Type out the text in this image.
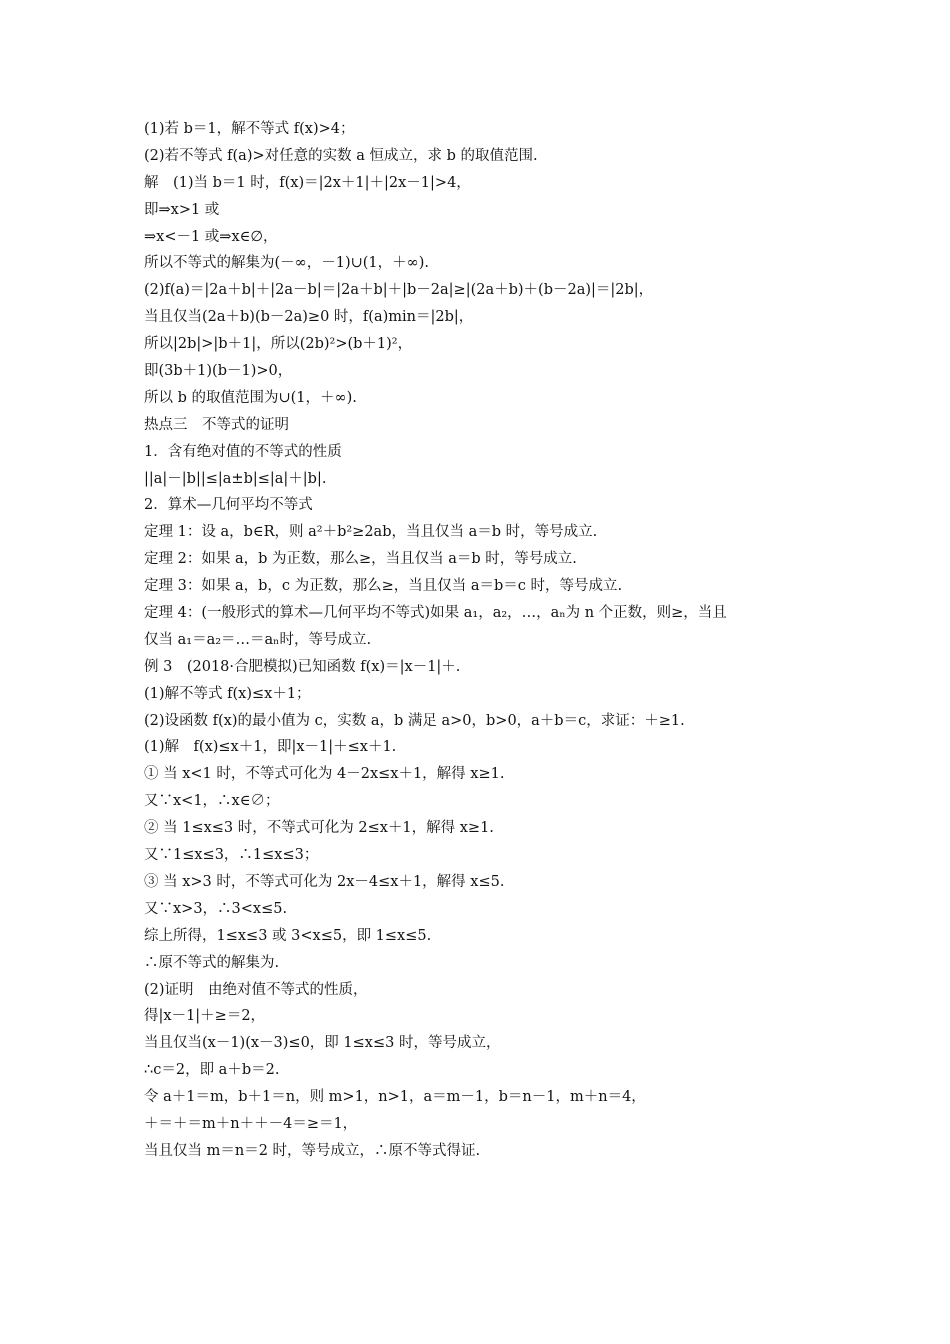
(1)若 b＝1，解不等式 f(x)>4；
(2)若不等式 f(a)>对任意的实数 a 恒成立，求 b 的取值范围.
解　(1)当 b＝1 时，f(x)＝|2x＋1|＋|2x－1|>4，
即⇒x>1 或
⇒x<－1 或⇒x∈∅，
所以不等式的解集为(－∞，－1)∪(1，＋∞).
(2)f(a)＝|2a＋b|＋|2a－b|＝|2a＋b|＋|b－2a|≥|(2a＋b)＋(b－2a)|＝|2b|，
当且仅当(2a＋b)(b－2a)≥0 时，f(a)min＝|2b|，
所以|2b|>|b＋1|，所以(2b)²>(b＋1)²，
即(3b＋1)(b－1)>0，
所以 b 的取值范围为∪(1，＋∞).
热点三　不等式的证明
1．含有绝对值的不等式的性质
||a|－|b||≤|a±b|≤|a|＋|b|.
2．算术—几何平均不等式
定理 1：设 a，b∈R，则 a²＋b²≥2ab，当且仅当 a＝b 时，等号成立.
定理 2：如果 a，b 为正数，那么≥，当且仅当 a＝b 时，等号成立.
定理 3：如果 a，b，c 为正数，那么≥，当且仅当 a＝b＝c 时，等号成立.
定理 4：(一般形式的算术—几何平均不等式)如果 a₁，a₂，…，aₙ为 n 个正数，则≥，当且
仅当 a₁＝a₂＝…＝aₙ时，等号成立.
例 3　(2018·合肥模拟)已知函数 f(x)＝|x－1|＋.
(1)解不等式 f(x)≤x＋1；
(2)设函数 f(x)的最小值为 c，实数 a，b 满足 a>0，b>0，a＋b＝c，求证：＋≥1.
(1)解　f(x)≤x＋1，即|x－1|＋≤x＋1.
① 当 x<1 时，不等式可化为 4－2x≤x＋1，解得 x≥1.
又∵x<1，∴x∈∅；
② 当 1≤x≤3 时，不等式可化为 2≤x＋1，解得 x≥1.
又∵1≤x≤3，∴1≤x≤3；
③ 当 x>3 时，不等式可化为 2x－4≤x＋1，解得 x≤5.
又∵x>3，∴3<x≤5.
综上所得，1≤x≤3 或 3<x≤5，即 1≤x≤5.
∴原不等式的解集为.
(2)证明　由绝对值不等式的性质，
得|x－1|＋≥＝2，
当且仅当(x－1)(x－3)≤0，即 1≤x≤3 时，等号成立，
∴c＝2，即 a＋b＝2.
令 a＋1＝m，b＋1＝n，则 m>1，n>1，a＝m－1，b＝n－1，m＋n＝4，
＋＝＋＝m＋n＋＋－4＝≥＝1，
当且仅当 m＝n＝2 时，等号成立，∴原不等式得证.
